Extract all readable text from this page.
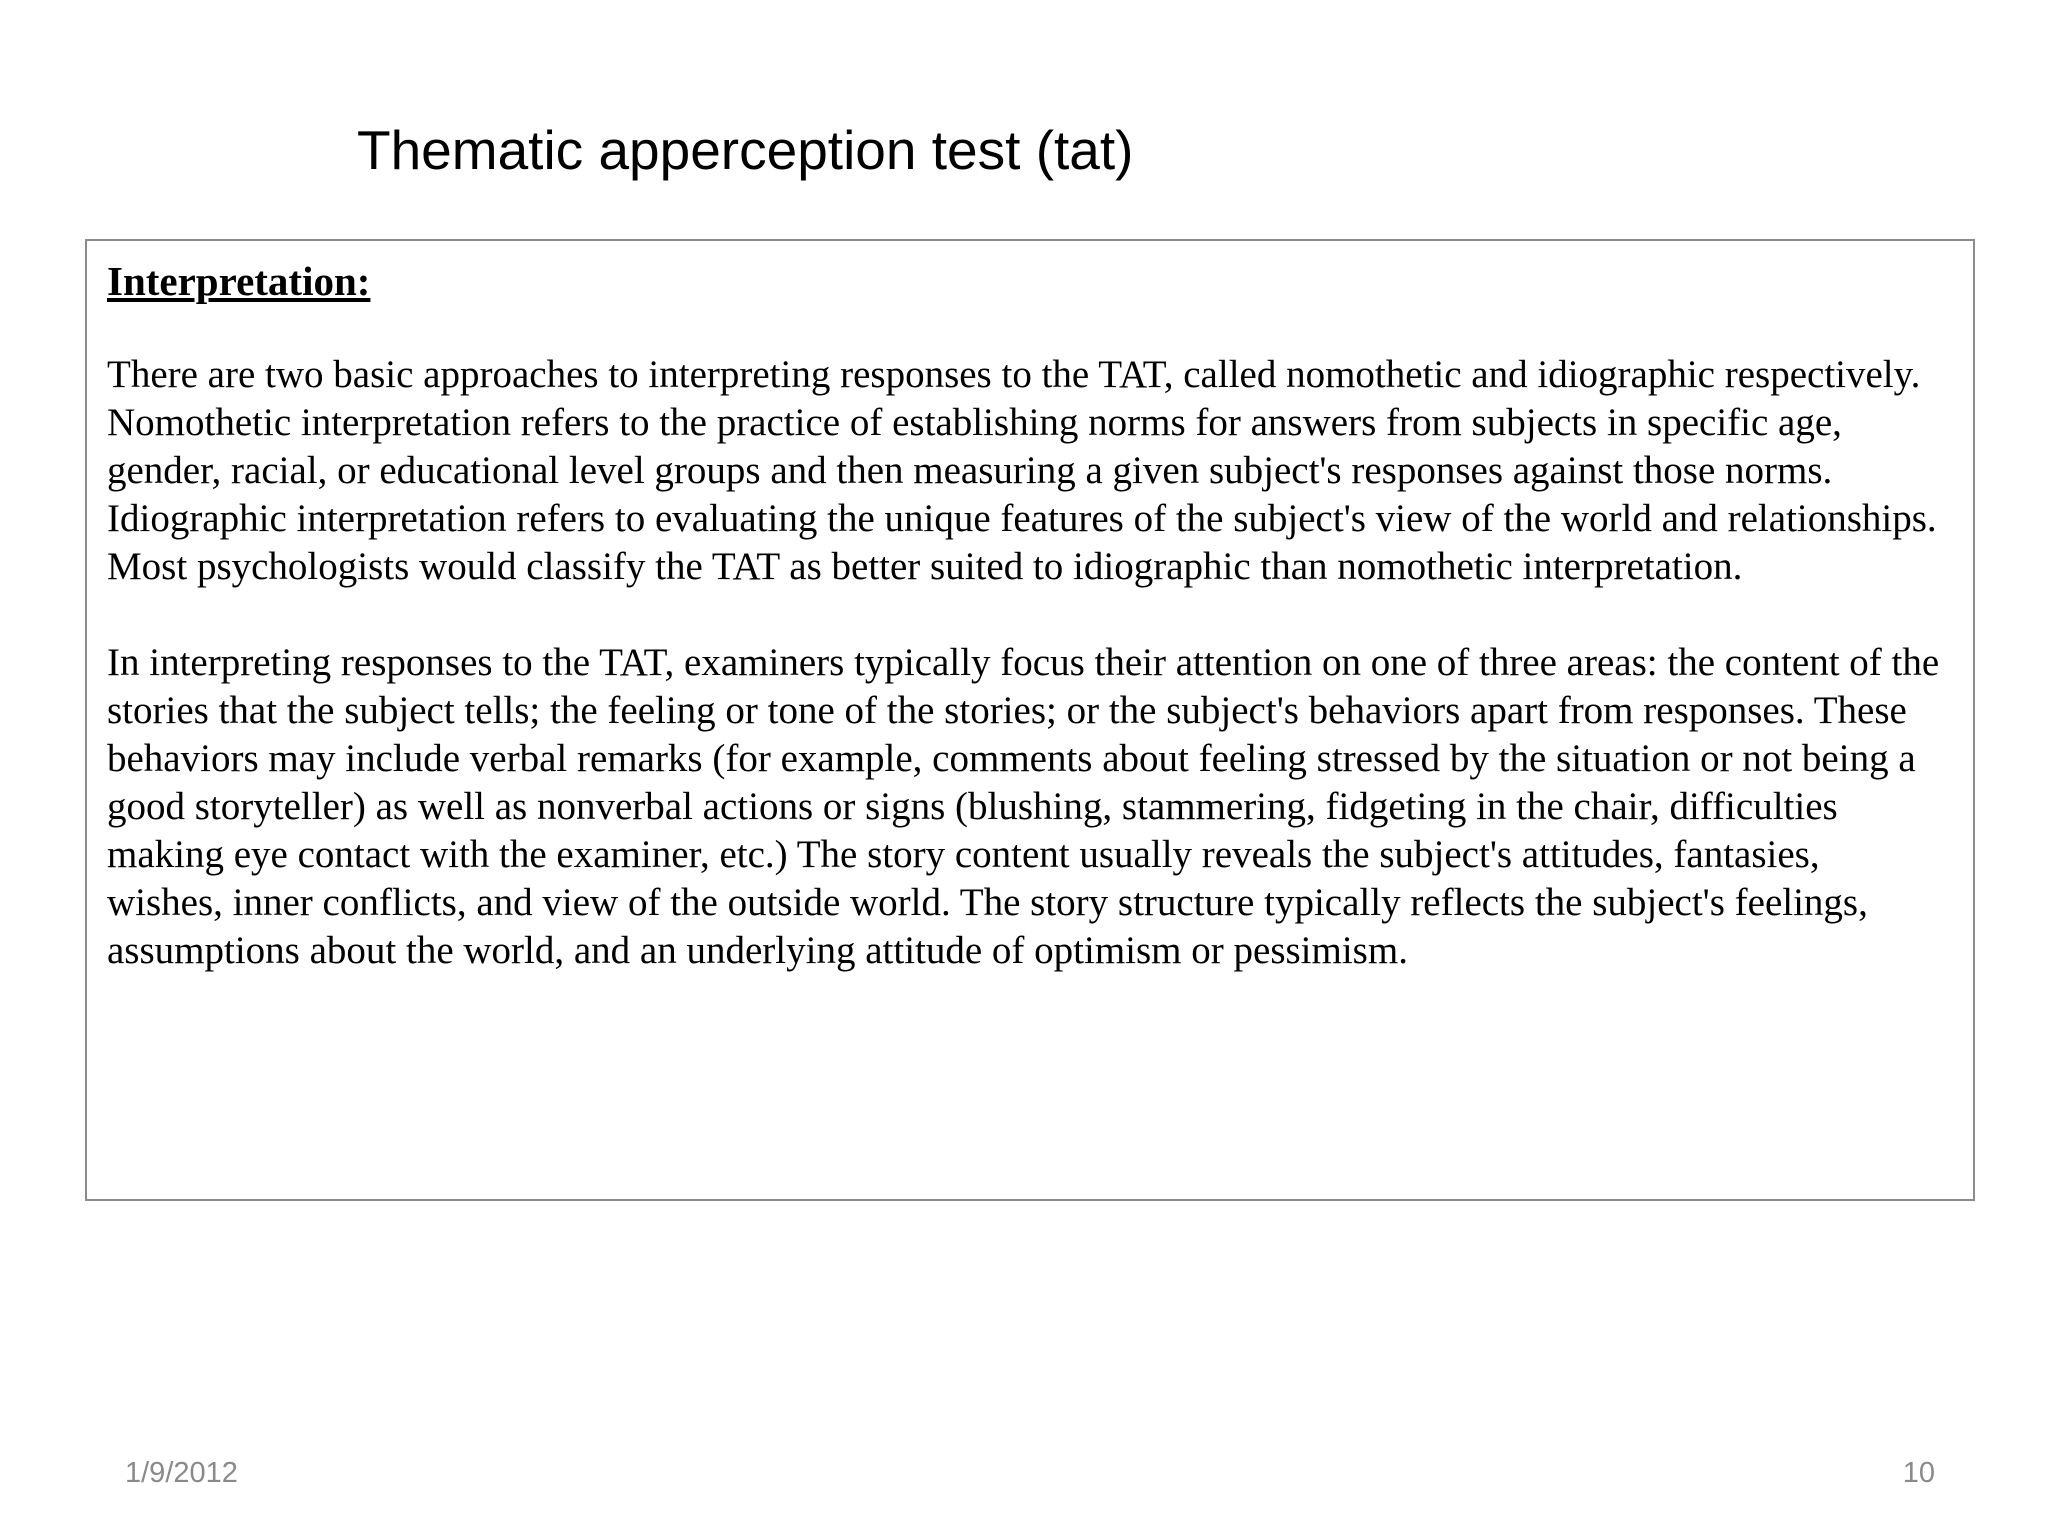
Thematic apperception test (tat)
Interpretation:

There are two basic approaches to interpreting responses to the TAT, called nomothetic and idiographic respectively. Nomothetic interpretation refers to the practice of establishing norms for answers from subjects in specific age, gender, racial, or educational level groups and then measuring a given subject's responses against those norms. Idiographic interpretation refers to evaluating the unique features of the subject's view of the world and relationships. Most psychologists would classify the TAT as better suited to idiographic than nomothetic interpretation.

In interpreting responses to the TAT, examiners typically focus their attention on one of three areas: the content of the stories that the subject tells; the feeling or tone of the stories; or the subject's behaviors apart from responses. These behaviors may include verbal remarks (for example, comments about feeling stressed by the situation or not being a good storyteller) as well as nonverbal actions or signs (blushing, stammering, fidgeting in the chair, difficulties making eye contact with the examiner, etc.) The story content usually reveals the subject's attitudes, fantasies, wishes, inner conflicts, and view of the outside world. The story structure typically reflects the subject's feelings, assumptions about the world, and an underlying attitude of optimism or pessimism.

1/9/2012	10
